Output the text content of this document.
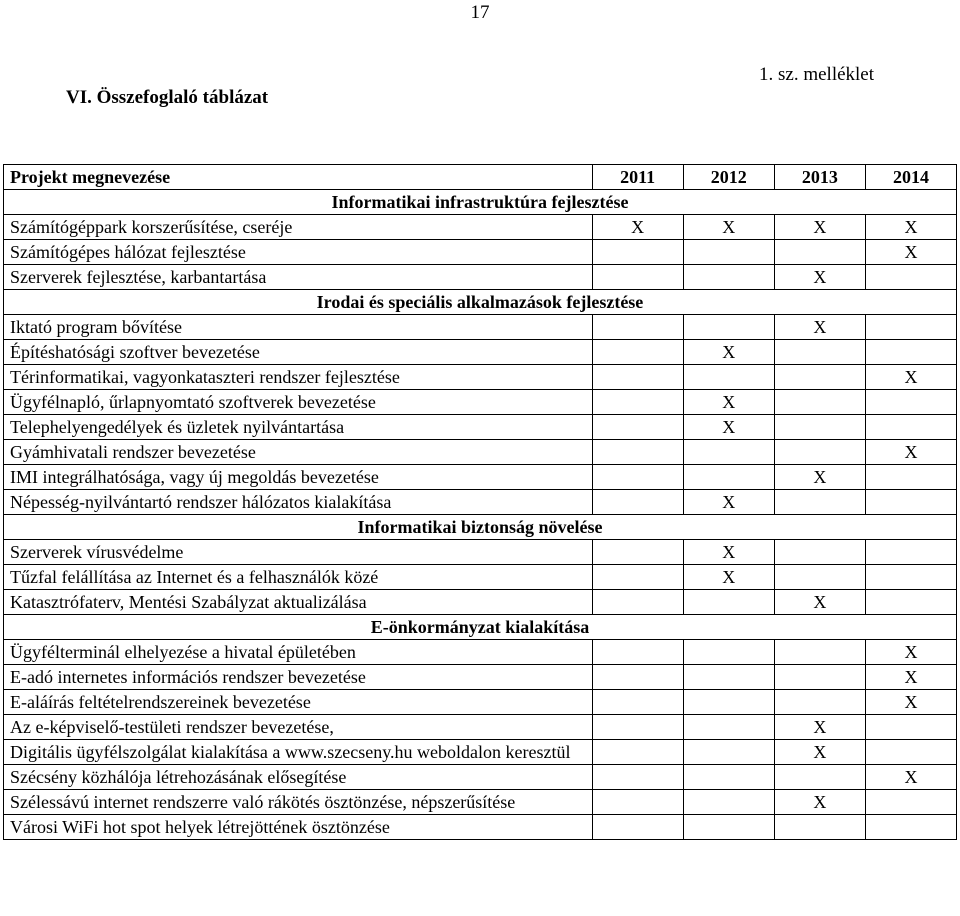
17
1. sz. melléklet
VI. Összefoglaló táblázat
Projekt megnevezése	2011	2012	2013	2014
Informatikai infrastruktúra fejlesztése				
Számítógéppark korszerűsítése, cseréje	X	X	X	X
Számítógépes hálózat fejlesztése				X
Szerverek fejlesztése, karbantartása			X	
Irodai és speciális alkalmazások fejlesztése				
Iktató program bővítése			X	
Építéshatósági szoftver bevezetése		X		
Térinformatikai, vagyonkataszteri rendszer fejlesztése				X
Ügyfélnapló, űrlapnyomtató szoftverek bevezetése		X		
Telephelyengedélyek és üzletek nyilvántartása		X		
Gyámhivatali rendszer bevezetése				X
IMI integrálhatósága, vagy új megoldás bevezetése			X	
Népesség-nyilvántartó rendszer hálózatos kialakítása		X		
Informatikai biztonság növelése				
Szerverek vírusvédelme		X		
Tűzfal felállítása az Internet és a felhasználók közé		X		
Katasztrófaterv, Mentési Szabályzat aktualizálása			X	
E-önkormányzat kialakítása				
Ügyfélterminál elhelyezése a hivatal épületében				X
E-adó internetes információs rendszer bevezetése				X
E-aláírás feltételrendszereinek bevezetése				X
Az e-képviselő-testületi rendszer bevezetése,			X	
Digitális ügyfélszolgálat kialakítása a www.szecseny.hu weboldalon keresztül			X	
Szécsény közhálója létrehozásának elősegítése				X
Szélessávú internet rendszerre való rákötés ösztönzése, népszerűsítése			X	
Városi WiFi hot spot helyek létrejöttének ösztönzése				
